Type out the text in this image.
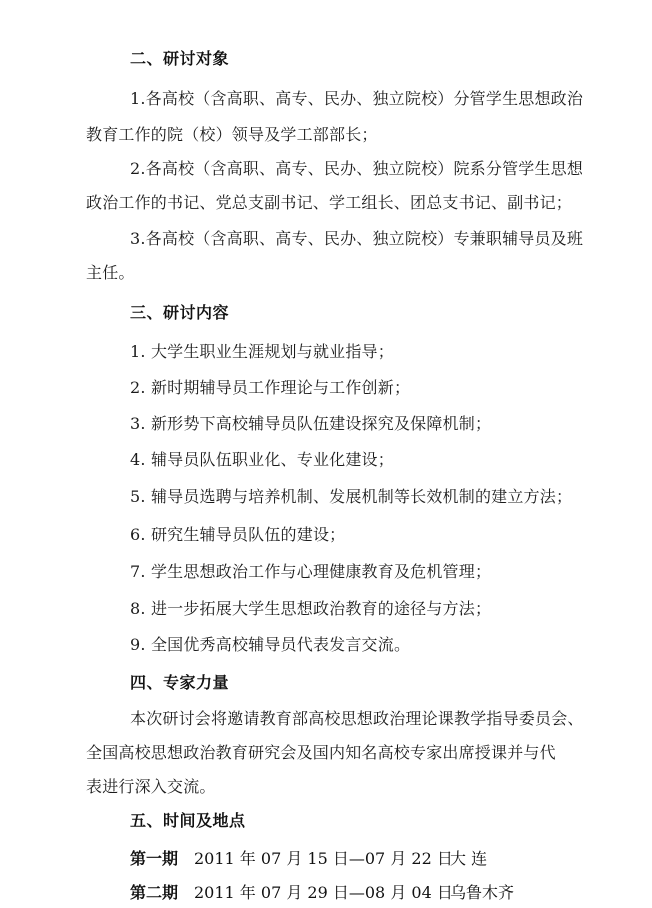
二、研讨对象
1.各高校（含高职、高专、民办、独立院校）分管学生思想政治
教育工作的院（校）领导及学工部部长；
2.各高校（含高职、高专、民办、独立院校）院系分管学生思想
政治工作的书记、党总支副书记、学工组长、团总支书记、副书记；
3.各高校（含高职、高专、民办、独立院校）专兼职辅导员及班
主任。
三、研讨内容
1. 大学生职业生涯规划与就业指导；
2. 新时期辅导员工作理论与工作创新；
3. 新形势下高校辅导员队伍建设探究及保障机制；
4. 辅导员队伍职业化、专业化建设；
5. 辅导员选聘与培养机制、发展机制等长效机制的建立方法；
6. 研究生辅导员队伍的建设；
7. 学生思想政治工作与心理健康教育及危机管理；
8. 进一步拓展大学生思想政治教育的途径与方法；
9. 全国优秀高校辅导员代表发言交流。
四、专家力量
本次研讨会将邀请教育部高校思想政治理论课教学指导委员会、
全国高校思想政治教育研究会及国内知名高校专家出席授课并与代
表进行深入交流。
五、时间及地点
第一期 2011 年 07 月 15 日—07 月 22 日
大 连
第二期 2011 年 07 月 29 日—08 月 04 日
乌鲁木齐
